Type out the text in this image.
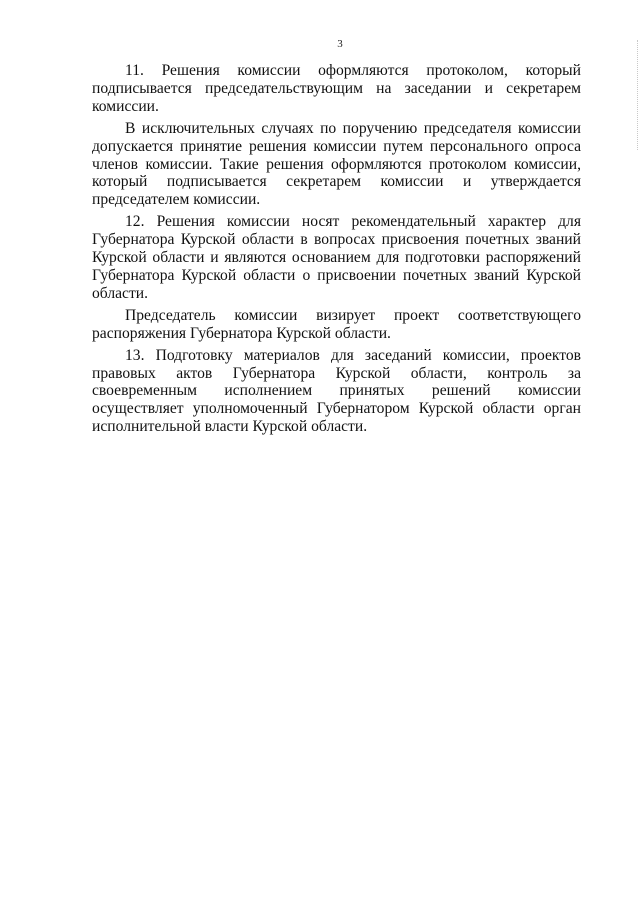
3

11. Решения комиссии оформляются протоколом, который подписывается председательствующим на заседании и секретарем комиссии.

В исключительных случаях по поручению председателя комиссии допускается принятие решения комиссии путем персонального опроса членов комиссии. Такие решения оформляются протоколом комиссии, который подписывается секретарем комиссии и утверждается председателем комиссии.

12. Решения комиссии носят рекомендательный характер для Губернатора Курской области в вопросах присвоения почетных званий Курской области и являются основанием для подготовки распоряжений Губернатора Курской области о присвоении почетных званий Курской области.

Председатель комиссии визирует проект соответствующего распоряжения Губернатора Курской области.

13. Подготовку материалов для заседаний комиссии, проектов правовых актов Губернатора Курской области, контроль за своевременным исполнением принятых решений комиссии осуществляет уполномоченный Губернатором Курской области орган исполнительной власти Курской области.
